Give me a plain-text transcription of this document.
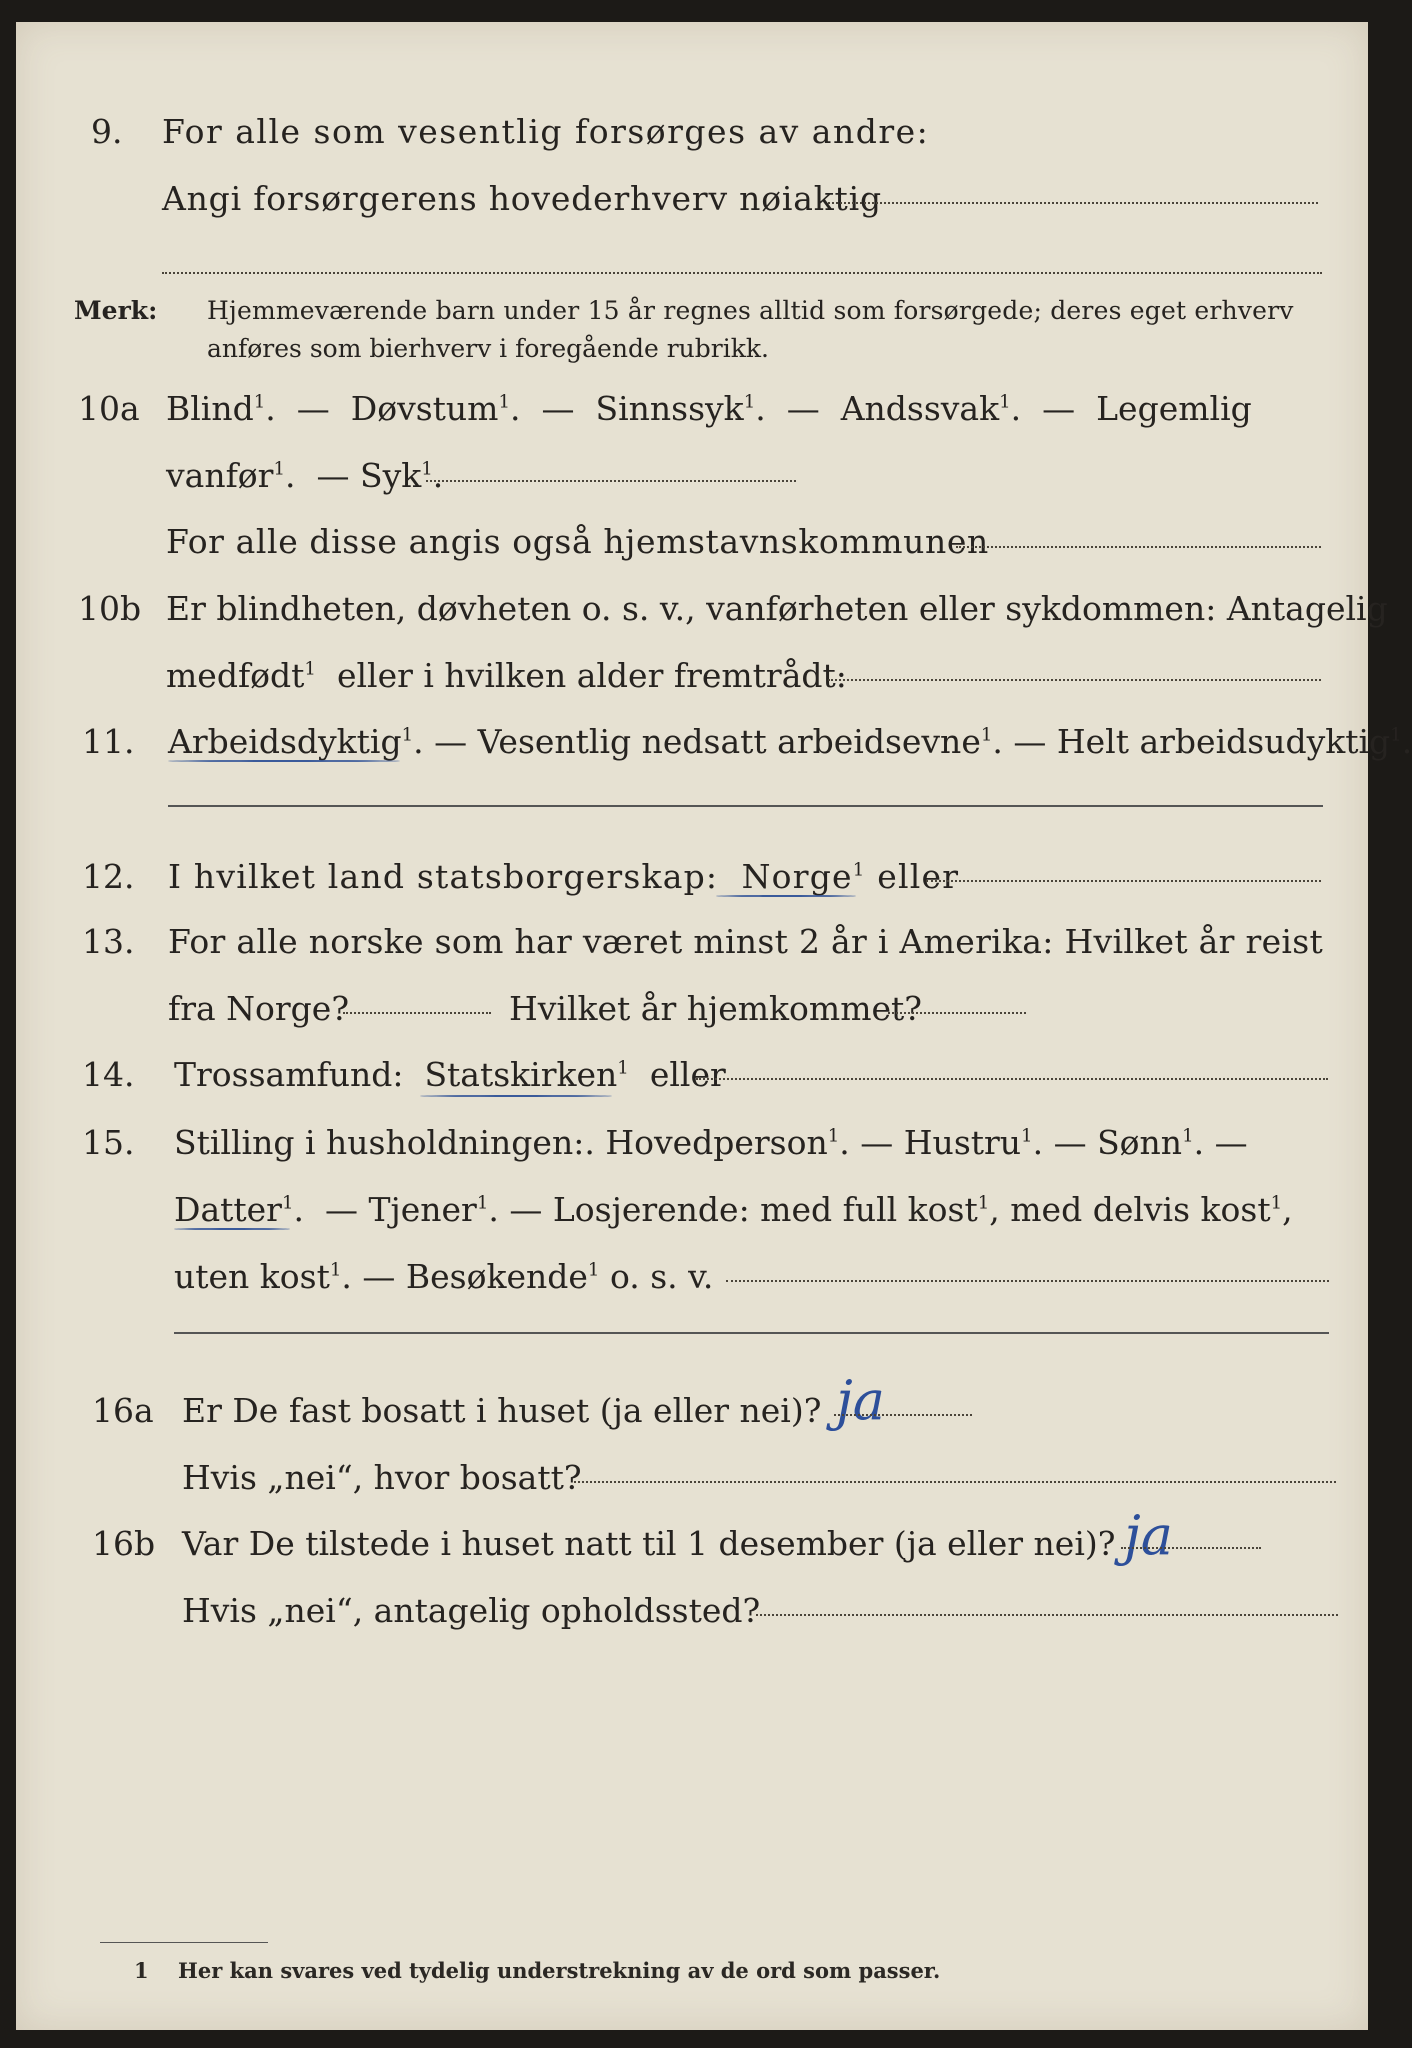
9. For alle som vesentlig forsørges av andre:
Angi forsørgerens hovederhverv nøiaktig
Merk: Hjemmeværende barn under 15 år regnes alltid som forsørgede; deres eget erhverv
anføres som bierhverv i foregående rubrikk.
10a Blind$^1$.  — Døvstum$^1$.  — Sinnssyk$^1$.  — Andssvak$^1$.  — Legemlig
vanfør$^1$.  — Syk$^1$.
For alle disse angis også hjemstavnskommunen
10b Er blindheten, døvheten o. s. v., vanførheten eller sykdommen: Antagelig
medfødt$^1$ eller i hvilken alder fremtrådt:
11. Arbeidsdyktig$^1$. — Vesentlig nedsatt arbeidsevne$^1$. — Helt arbeidsudyktig$^1$.
12. I hvilket land statsborgerskap: Norge$^1$ eller
13. For alle norske som har været minst 2 år i Amerika: Hvilket år reist
fra Norge?	Hvilket år hjemkommet?
14. Trossamfund: Statskirken$^1$ eller
15. Stilling i husholdningen:. Hovedperson$^1$. — Hustru$^1$. — Sønn$^1$. —
Datter$^1$.  — Tjener$^1$. — Losjerende: med full kost$^1$, med delvis kost$^1$,
uten kost$^1$. — Besøkende$^1$ o. s. v.
16a Er De fast bosatt i huset (ja eller nei)? ja
Hvis „nei“, hvor bosatt?
16b Var De tilstede i huset natt til 1 desember (ja eller nei)? ja
Hvis „nei“, antagelig opholdssted?
1 Her kan svares ved tydelig understrekning av de ord som passer.
